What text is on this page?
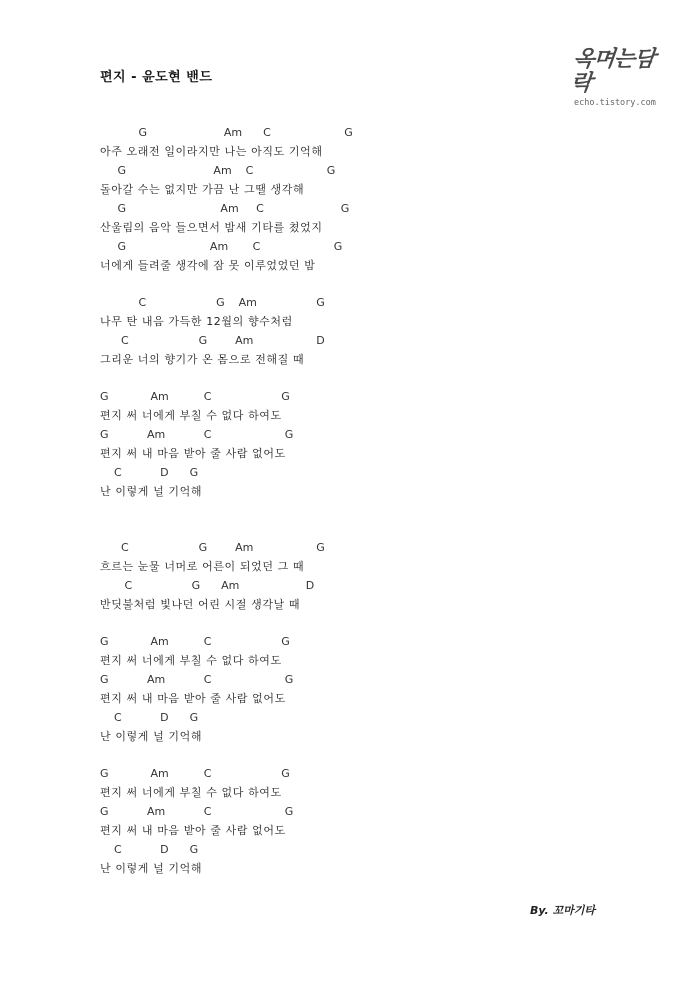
편지 - 윤도현 밴드
옥며는담락
echo.tistory.com
G                      Am      C                     G
아주 오래전 일이라지만 나는 아직도 기억해
G                         Am    C                     G
돌아갈 수는 없지만 가끔 난 그땔 생각해
G                           Am     C                      G
산울림의 음악 들으면서 밤새 기타를 쳤었지
G                        Am       C                     G
너에게 들려줄 생각에 잠 못 이루었었던 밤
C                    G    Am                 G
나무 탄 내음 가득한 12월의 향수처럼
C                    G        Am                  D
그리운 너의 향기가 온 몸으로 전해질 때
G            Am          C                    G
편지 써 너에게 부칠 수 없다 하여도
G           Am           C                     G
편지 써 내 마음 받아 줄 사람 없어도
C           D      G
난 이렇게 널 기억해
C                    G        Am                  G
흐르는 눈물 너머로 어른이 되었던 그 때
C                 G      Am                   D
반딧불처럼 빛나던 어린 시절 생각날 때
G            Am          C                    G
편지 써 너에게 부칠 수 없다 하여도
G           Am           C                     G
편지 써 내 마음 받아 줄 사람 없어도
C           D      G
난 이렇게 널 기억해
G            Am          C                    G
편지 써 너에게 부칠 수 없다 하여도
G           Am           C                     G
편지 써 내 마음 받아 줄 사람 없어도
C           D      G
난 이렇게 널 기억해
By. 꼬마기타
